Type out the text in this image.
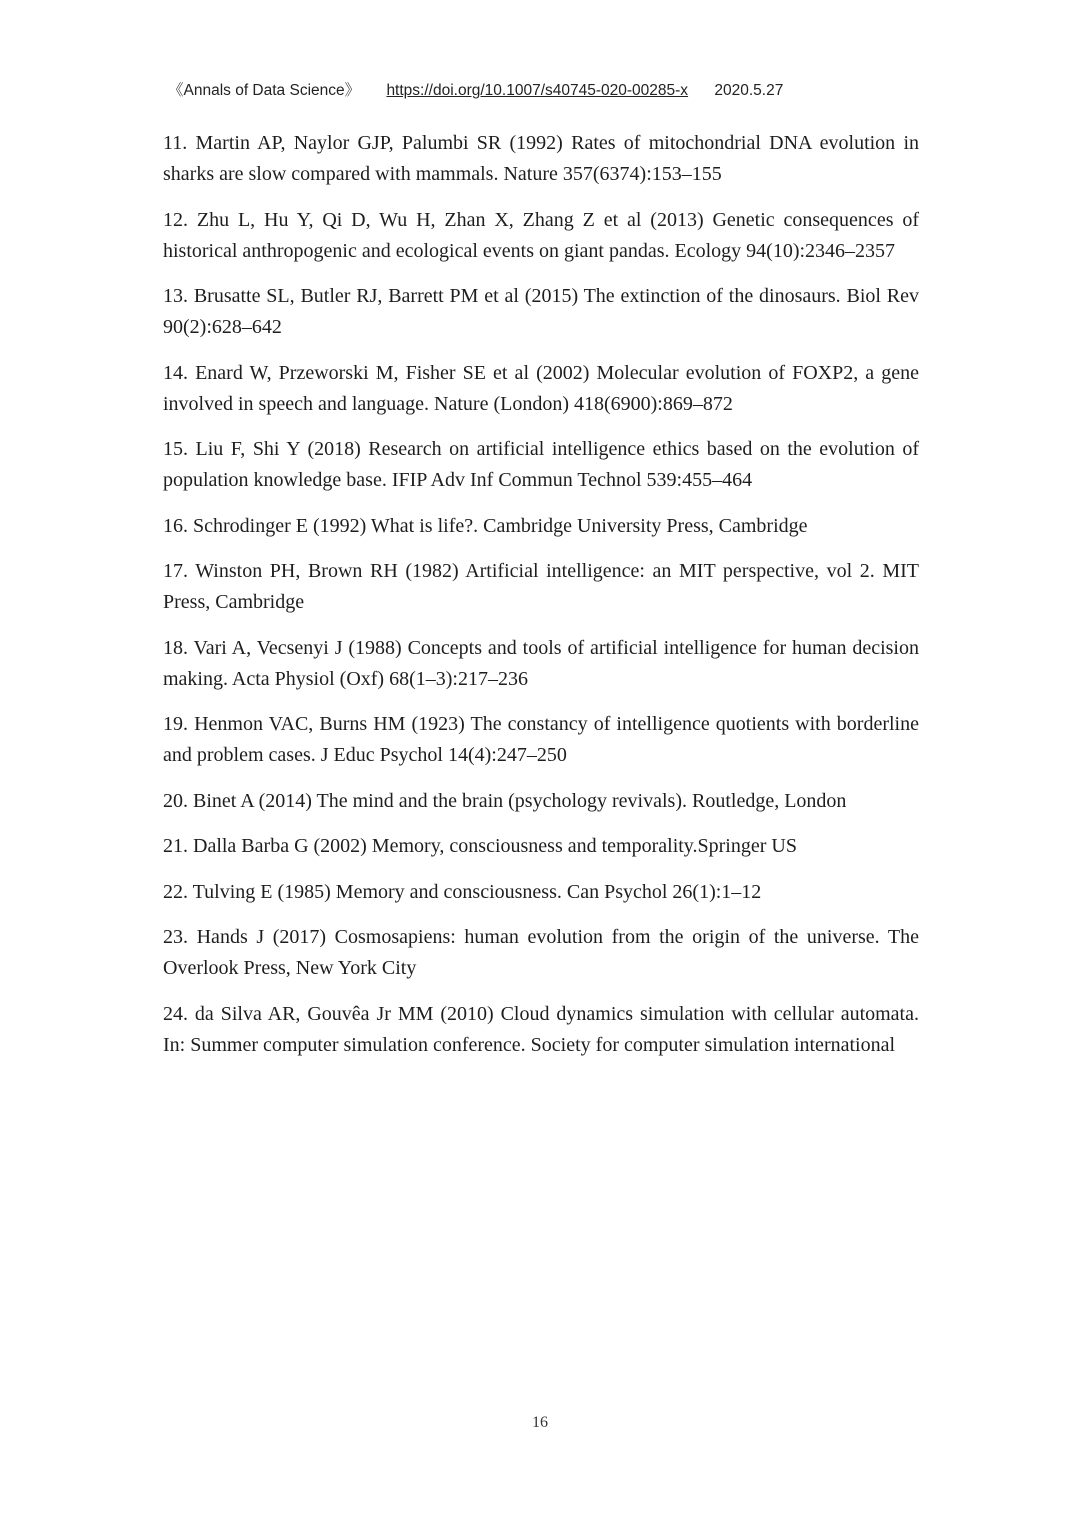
《Annals of Data Science》 https://doi.org/10.1007/s40745-020-00285-x 2020.5.27

11. Martin AP, Naylor GJP, Palumbi SR (1992) Rates of mitochondrial DNA evolution in sharks are slow compared with mammals. Nature 357(6374):153–155

12. Zhu L, Hu Y, Qi D, Wu H, Zhan X, Zhang Z et al (2013) Genetic consequences of historical anthropogenic and ecological events on giant pandas. Ecology 94(10):2346–2357

13. Brusatte SL, Butler RJ, Barrett PM et al (2015) The extinction of the dinosaurs. Biol Rev 90(2):628–642

14. Enard W, Przeworski M, Fisher SE et al (2002) Molecular evolution of FOXP2, a gene involved in speech and language. Nature (London) 418(6900):869–872

15. Liu F, Shi Y (2018) Research on artificial intelligence ethics based on the evolution of population knowledge base. IFIP Adv Inf Commun Technol 539:455–464

16. Schrodinger E (1992) What is life?. Cambridge University Press, Cambridge

17. Winston PH, Brown RH (1982) Artificial intelligence: an MIT perspective, vol 2. MIT Press, Cambridge

18. Vari A, Vecsenyi J (1988) Concepts and tools of artificial intelligence for human decision making. Acta Physiol (Oxf) 68(1–3):217–236

19. Henmon VAC, Burns HM (1923) The constancy of intelligence quotients with borderline and problem cases. J Educ Psychol 14(4):247–250

20. Binet A (2014) The mind and the brain (psychology revivals). Routledge, London

21. Dalla Barba G (2002) Memory, consciousness and temporality.Springer US

22. Tulving E (1985) Memory and consciousness. Can Psychol 26(1):1–12

23. Hands J (2017) Cosmosapiens: human evolution from the origin of the universe. The Overlook Press, New York City

24. da Silva AR, Gouvêa Jr MM (2010) Cloud dynamics simulation with cellular automata. In: Summer computer simulation conference. Society for computer simulation international

16
